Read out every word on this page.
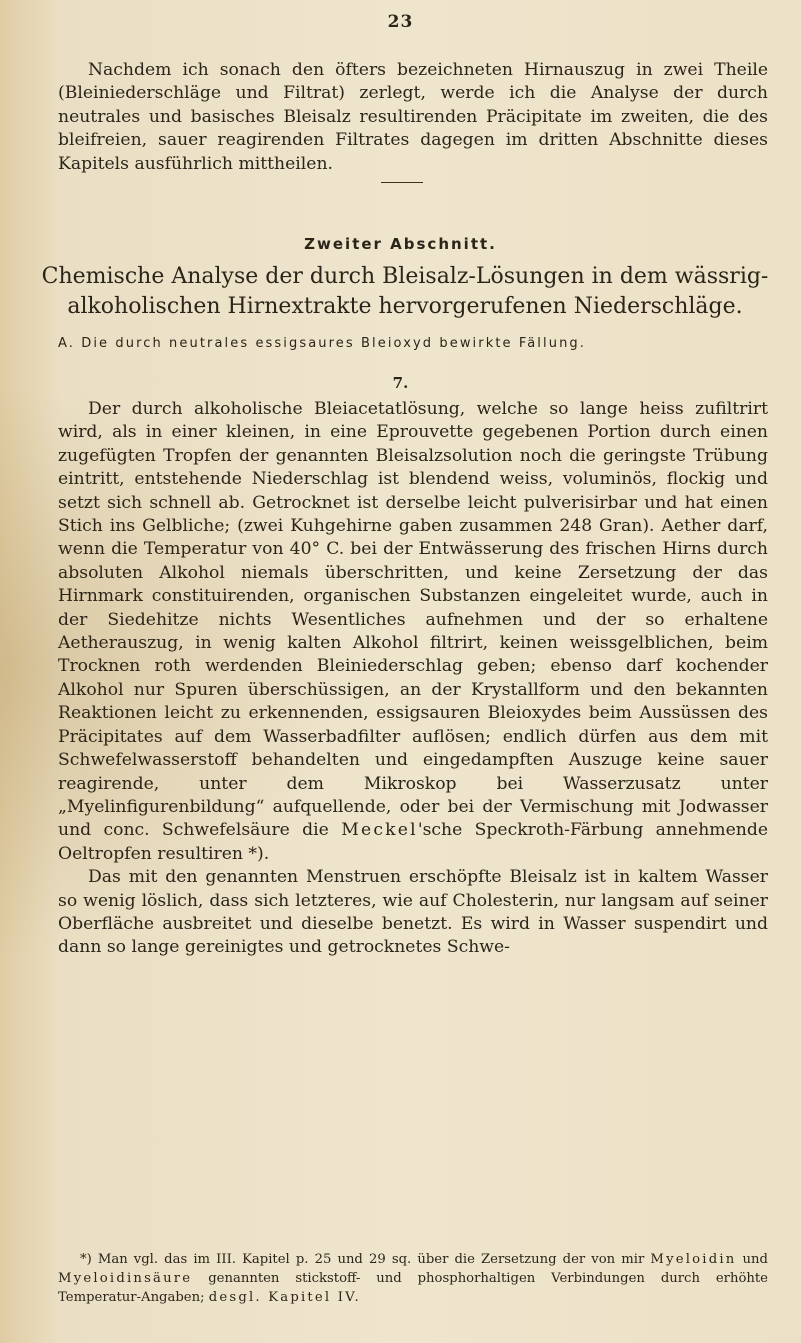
23

Nachdem ich sonach den öfters bezeichneten Hirnauszug in zwei Theile (Bleiniederschläge und Filtrat) zerlegt, werde ich die Analyse der durch neutrales und basisches Bleisalz resultirenden Präcipitate im zweiten, die des bleifreien, sauer reagirenden Filtrates dagegen im dritten Abschnitte dieses Kapitels ausführlich mittheilen.

Zweiter Abschnitt.
Chemische Analyse der durch Bleisalz-Lösungen in dem wässrig-alkoholischen Hirnextrakte hervorgerufenen Niederschläge.
A. Die durch neutrales essigsaures Bleioxyd bewirkte Fällung.
7.

Der durch alkoholische Bleiacetatlösung, welche so lange heiss zufiltrirt wird, als in einer kleinen, in eine Eprouvette gegebenen Portion durch einen zugefügten Tropfen der genannten Bleisalzsolution noch die geringste Trübung eintritt, entstehende Niederschlag ist blendend weiss, voluminös, flockig und setzt sich schnell ab. Getrocknet ist derselbe leicht pulverisirbar und hat einen Stich ins Gelbliche; (zwei Kuhgehirne gaben zusammen 248 Gran). Aether darf, wenn die Temperatur von 40° C. bei der Entwässerung des frischen Hirns durch absoluten Alkohol niemals überschritten, und keine Zersetzung der das Hirnmark constituirenden, organischen Substanzen eingeleitet wurde, auch in der Siedehitze nichts Wesentliches aufnehmen und der so erhaltene Aetherauszug, in wenig kalten Alkohol filtrirt, keinen weissgelblichen, beim Trocknen roth werdenden Bleiniederschlag geben; ebenso darf kochender Alkohol nur Spuren überschüssigen, an der Krystallform und den bekannten Reaktionen leicht zu erkennenden, essigsauren Bleioxydes beim Aussüssen des Präcipitates auf dem Wasserbadfilter auflösen; endlich dürfen aus dem mit Schwefelwasserstoff behandelten und eingedampften Auszuge keine sauer reagirende, unter dem Mikroskop bei Wasserzusatz unter „Myelinfigurenbildung“ aufquellende, oder bei der Vermischung mit Jodwasser und conc. Schwefelsäure die Meckel'sche Speckroth-Färbung annehmende Oeltropfen resultiren *).

Das mit den genannten Menstruen erschöpfte Bleisalz ist in kaltem Wasser so wenig löslich, dass sich letzteres, wie auf Cholesterin, nur langsam auf seiner Oberfläche ausbreitet und dieselbe benetzt. Es wird in Wasser suspendirt und dann so lange gereinigtes und getrocknetes Schwe-

*) Man vgl. das im III. Kapitel p. 25 und 29 sq. über die Zersetzung der von mir Myeloidin und Myeloidinsäure genannten stickstoff- und phosphorhaltigen Verbindungen durch erhöhte Temperatur-Angaben; desgl. Kapitel IV.
